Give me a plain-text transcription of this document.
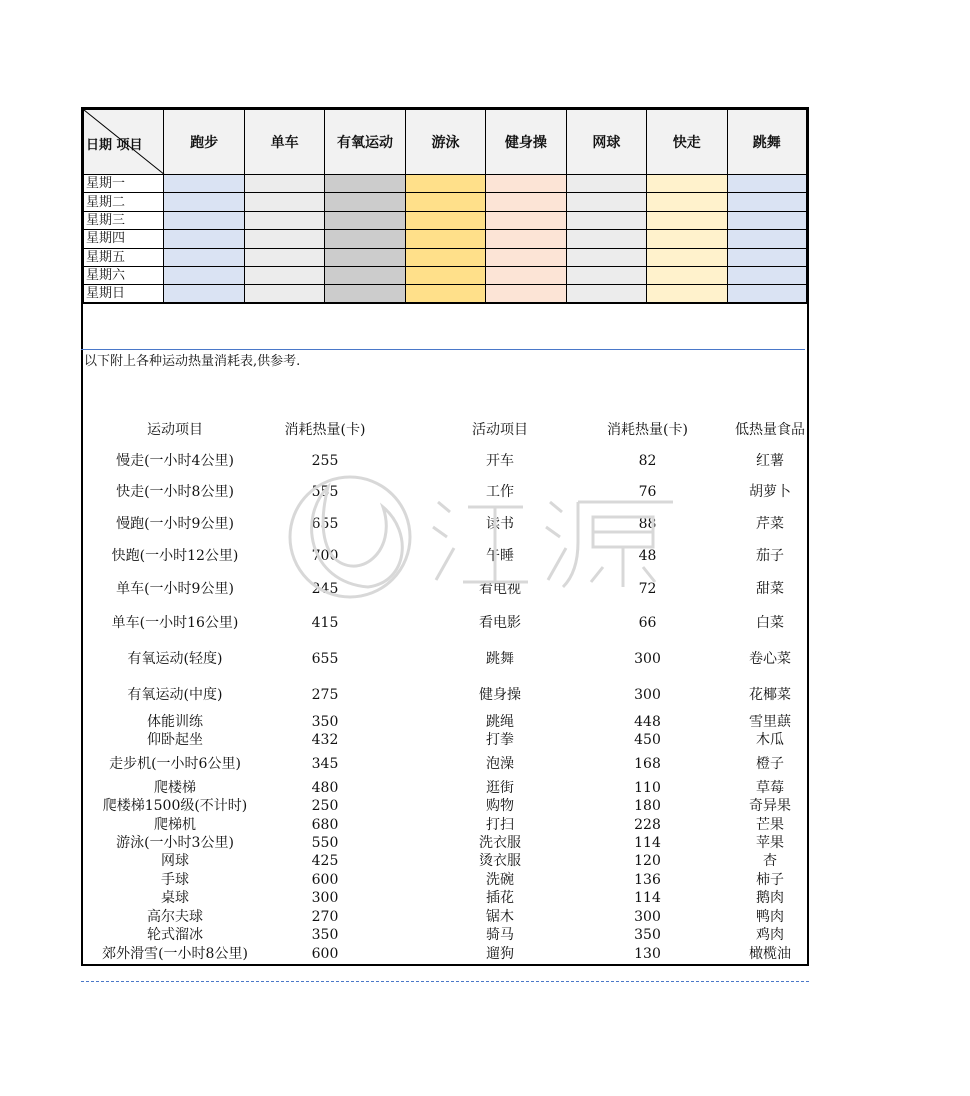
日期 项目	跑步	单车	有氧运动	游泳	健身操	网球	快走	跳舞
星期一								
星期二								
星期三								
星期四								
星期五								
星期六								
星期日								
以下附上各种运动热量消耗表,供参考.
运动项目	消耗热量(卡)	活动项目	消耗热量(卡)	低热量食品
慢走(一小时4公里)	255	开车	82	红薯
快走(一小时8公里)	555	工作	76	胡萝卜
慢跑(一小时9公里)	655	读书	88	芹菜
快跑(一小时12公里)	700	午睡	48	茄子
单车(一小时9公里)	245	看电视	72	甜菜
单车(一小时16公里)	415	看电影	66	白菜
有氧运动(轻度)	655	跳舞	300	卷心菜
有氧运动(中度)	275	健身操	300	花椰菜
体能训练	350	跳绳	448	雪里蕻
仰卧起坐	432	打拳	450	木瓜
走步机(一小时6公里)	345	泡澡	168	橙子
爬楼梯	480	逛街	110	草莓
爬楼梯1500级(不计时)	250	购物	180	奇异果
爬梯机	680	打扫	228	芒果
游泳(一小时3公里)	550	洗衣服	114	苹果
网球	425	烫衣服	120	杏
手球	600	洗碗	136	柿子
桌球	300	插花	114	鹅肉
高尔夫球	270	锯木	300	鸭肉
轮式溜冰	350	骑马	350	鸡肉
郊外滑雪(一小时8公里)	600	遛狗	130	橄榄油
